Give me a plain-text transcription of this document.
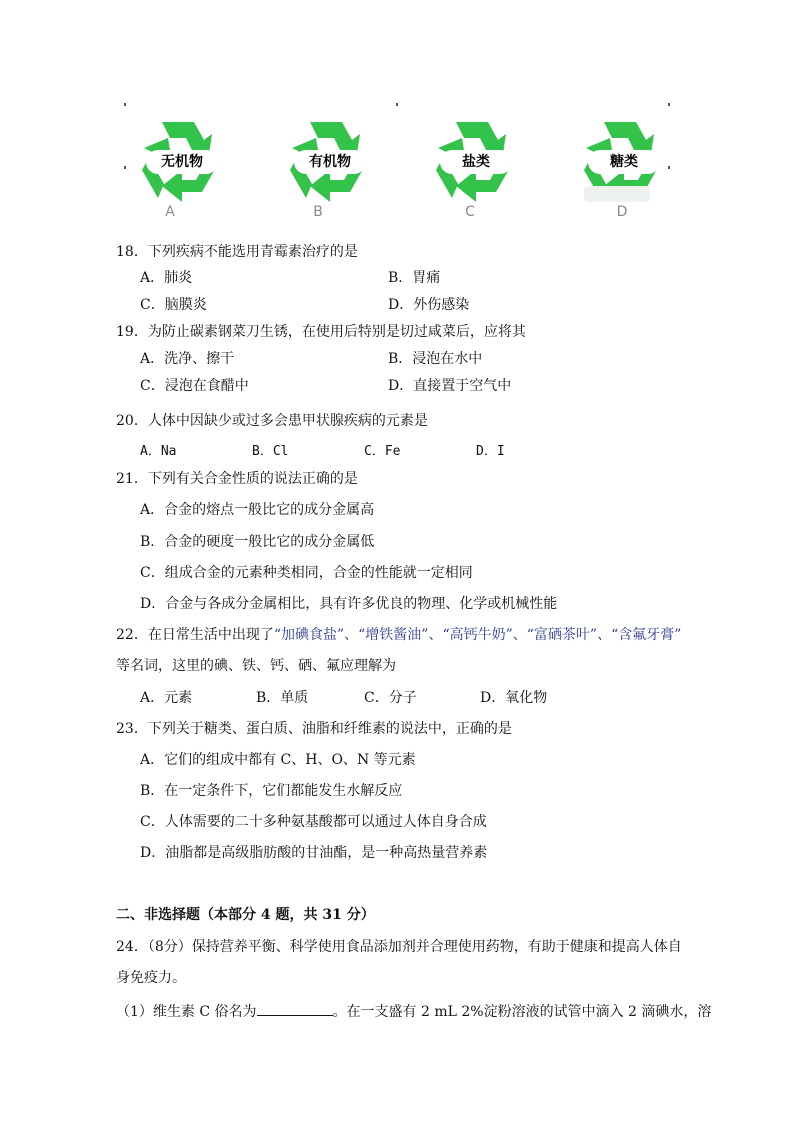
无机物	有机物	盐类	糖类
A	B	C	D
18．下列疾病不能选用青霉素治疗的是
A．肺炎	B．胃痛
C．脑膜炎	D．外伤感染
19．为防止碳素钢菜刀生锈，在使用后特别是切过咸菜后，应将其
A．洗净、擦干	B．浸泡在水中
C．浸泡在食醋中	D．直接置于空气中
20．人体中因缺少或过多会患甲状腺疾病的元素是
A．Na	B．Cl	C．Fe	D．I
21．下列有关合金性质的说法正确的是
A．合金的熔点一般比它的成分金属高
B．合金的硬度一般比它的成分金属低
C．组成合金的元素种类相同，合金的性能就一定相同
D．合金与各成分金属相比，具有许多优良的物理、化学或机械性能
22．在日常生活中出现了“加碘食盐”、“增铁酱油”、“高钙牛奶”、“富硒茶叶”、“含氟牙膏”
等名词，这里的碘、铁、钙、硒、氟应理解为
A．元素	B．单质	C．分子	D．氧化物
23．下列关于糖类、蛋白质、油脂和纤维素的说法中，正确的是
A．它们的组成中都有 C、H、O、N 等元素
B．在一定条件下，它们都能发生水解反应
C．人体需要的二十多种氨基酸都可以通过人体自身合成
D．油脂都是高级脂肪酸的甘油酯，是一种高热量营养素
二、非选择题（本部分 4 题，共 31 分）
24．（8分）保持营养平衡、科学使用食品添加剂并合理使用药物，有助于健康和提高人体自
身免疫力。
（1）维生素 C 俗名为	。在一支盛有 2 mL 2%淀粉溶液的试管中滴入 2 滴碘水，溶
